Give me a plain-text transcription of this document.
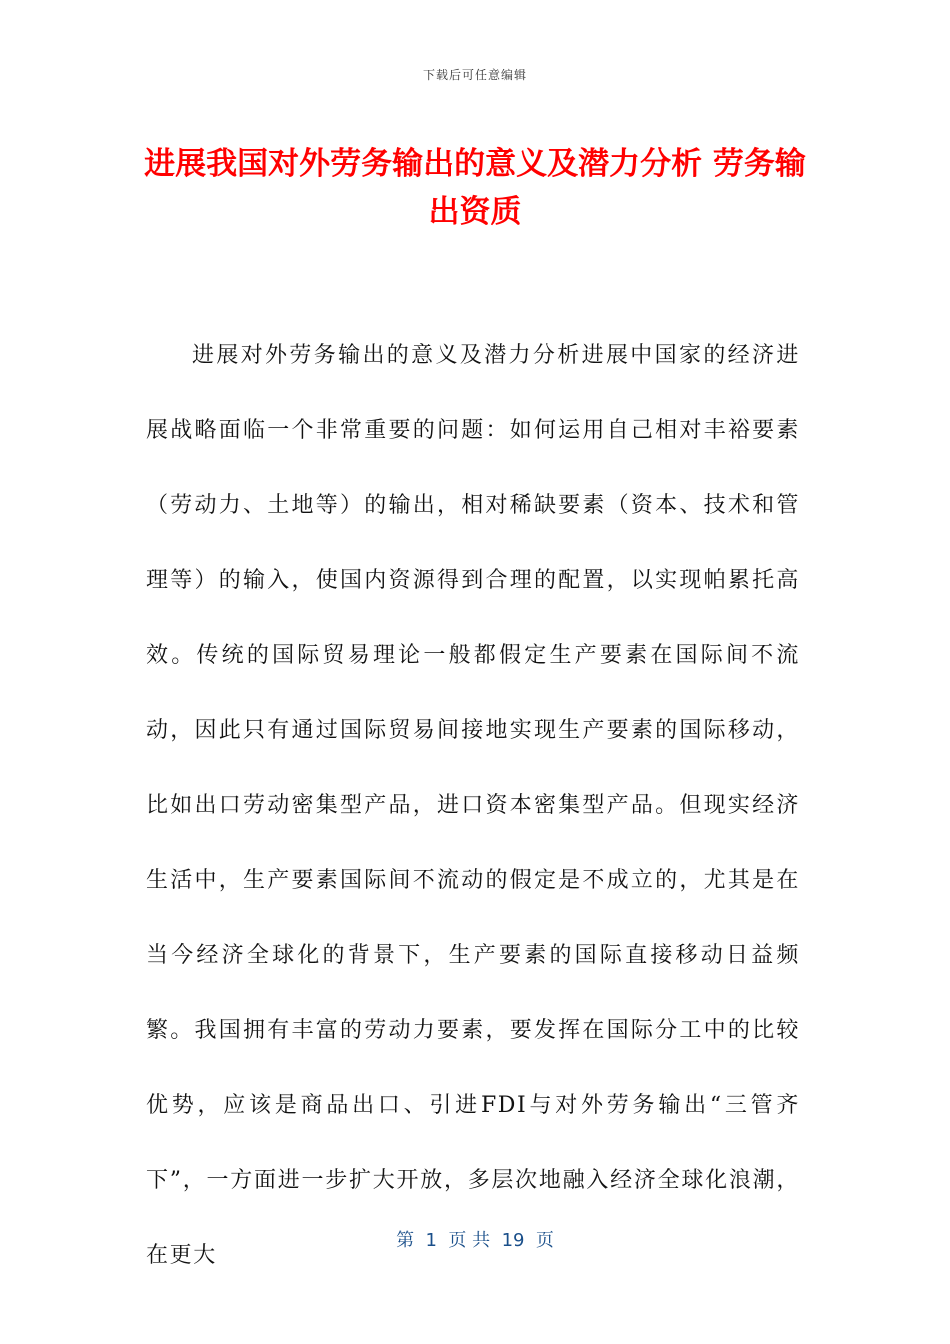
下载后可任意编辑
进展我国对外劳务输出的意义及潜力分析 劳务输出资质

进展对外劳务输出的意义及潜力分析进展中国家的经济进展战略面临一个非常重要的问题：如何运用自己相对丰裕要素（劳动力、土地等）的输出，相对稀缺要素（资本、技术和管理等）的输入，使国内资源得到合理的配置，以实现帕累托高效。传统的国际贸易理论一般都假定生产要素在国际间不流动，因此只有通过国际贸易间接地实现生产要素的国际移动，比如出口劳动密集型产品，进口资本密集型产品。但现实经济生活中，生产要素国际间不流动的假定是不成立的，尤其是在当今经济全球化的背景下，生产要素的国际直接移动日益频繁。我国拥有丰富的劳动力要素，要发挥在国际分工中的比较优势，应该是商品出口、引进FDI与对外劳务输出“三管齐下”，一方面进一步扩大开放，多层次地融入经济全球化浪潮，在更大

第  1  页 共  19  页
